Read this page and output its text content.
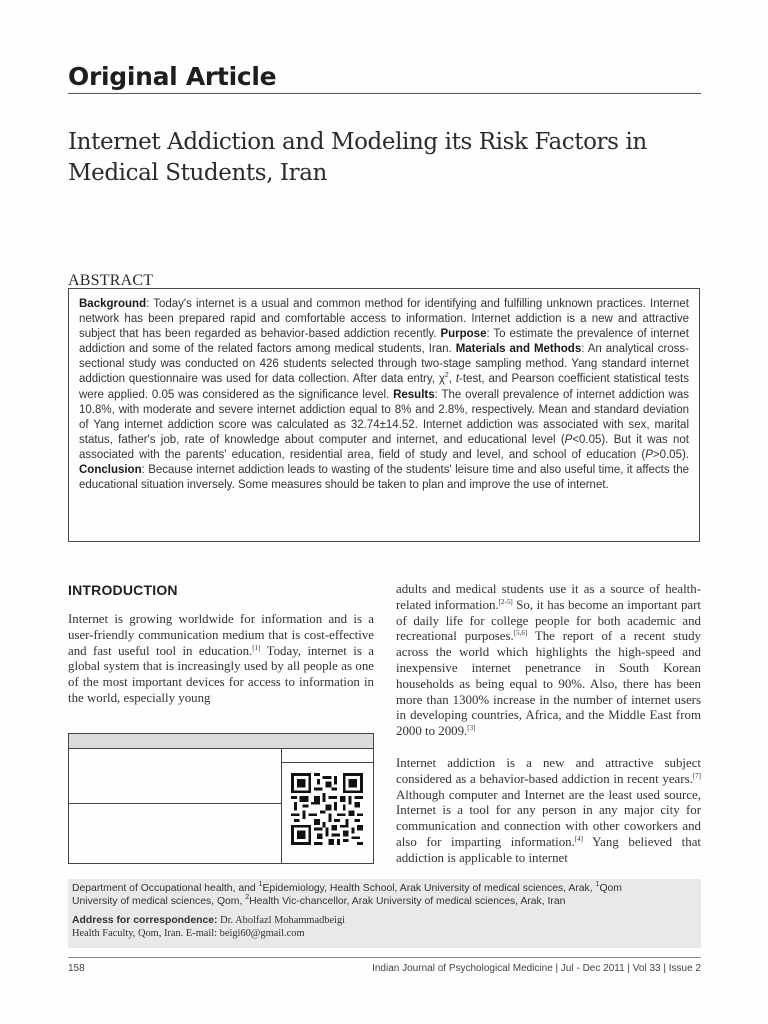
Original Article
Internet Addiction and Modeling its Risk Factors in Medical Students, Iran
ABSTRACT
Background: Today's internet is a usual and common method for identifying and fulfilling unknown practices. Internet network has been prepared rapid and comfortable access to information. Internet addiction is a new and attractive subject that has been regarded as behavior-based addiction recently. Purpose: To estimate the prevalence of internet addiction and some of the related factors among medical students, Iran. Materials and Methods: An analytical cross-sectional study was conducted on 426 students selected through two-stage sampling method. Yang standard internet addiction questionnaire was used for data collection. After data entry, $\chi^2$, t-test, and Pearson coefficient statistical tests were applied. 0.05 was considered as the significance level. Results: The overall prevalence of internet addiction was 10.8%, with moderate and severe internet addiction equal to 8% and 2.8%, respectively. Mean and standard deviation of Yang internet addiction score was calculated as 32.74±14.52. Internet addiction was associated with sex, marital status, father's job, rate of knowledge about computer and internet, and educational level (P<0.05). But it was not associated with the parents' education, residential area, field of study and level, and school of education (P>0.05). Conclusion: Because internet addiction leads to wasting of the students' leisure time and also useful time, it affects the educational situation inversely. Some measures should be taken to plan and improve the use of internet.
INTRODUCTION
Internet is growing worldwide for information and is a user-friendly communication medium that is cost-effective and fast useful tool in education.[1] Today, internet is a global system that is increasingly used by all people as one of the most important devices for access to information in the world, especially young

adults and medical students use it as a source of health-related information.[2-5] So, it has become an important part of daily life for college people for both academic and recreational purposes.[5,6] The report of a recent study across the world which highlights the high-speed and inexpensive internet penetrance in South Korean households as being equal to 90%. Also, there has been more than 1300% increase in the number of internet users in developing countries, Africa, and the Middle East from 2000 to 2009.[3]

Internet addiction is a new and attractive subject considered as a behavior-based addiction in recent years.[7] Although computer and Internet are the least used source, Internet is a tool for any person in any major city for communication and connection with other coworkers and also for imparting information.[4] Yang believed that addiction is applicable to internet

Department of Occupational health, and $^1$Epidemiology, Health School, Arak University of medical sciences, Arak, $^1$Qom
University of medical sciences, Qom, $^2$Health Vic-chancellor, Arak University of medical sciences, Arak, Iran
Address for correspondence: Dr. Abolfazl Mohammadbeigi
Health Faculty, Qom, Iran. E-mail: beigi60@gmail.com
158	Indian Journal of Psychological Medicine | Jul - Dec 2011 | Vol 33 | Issue 2
